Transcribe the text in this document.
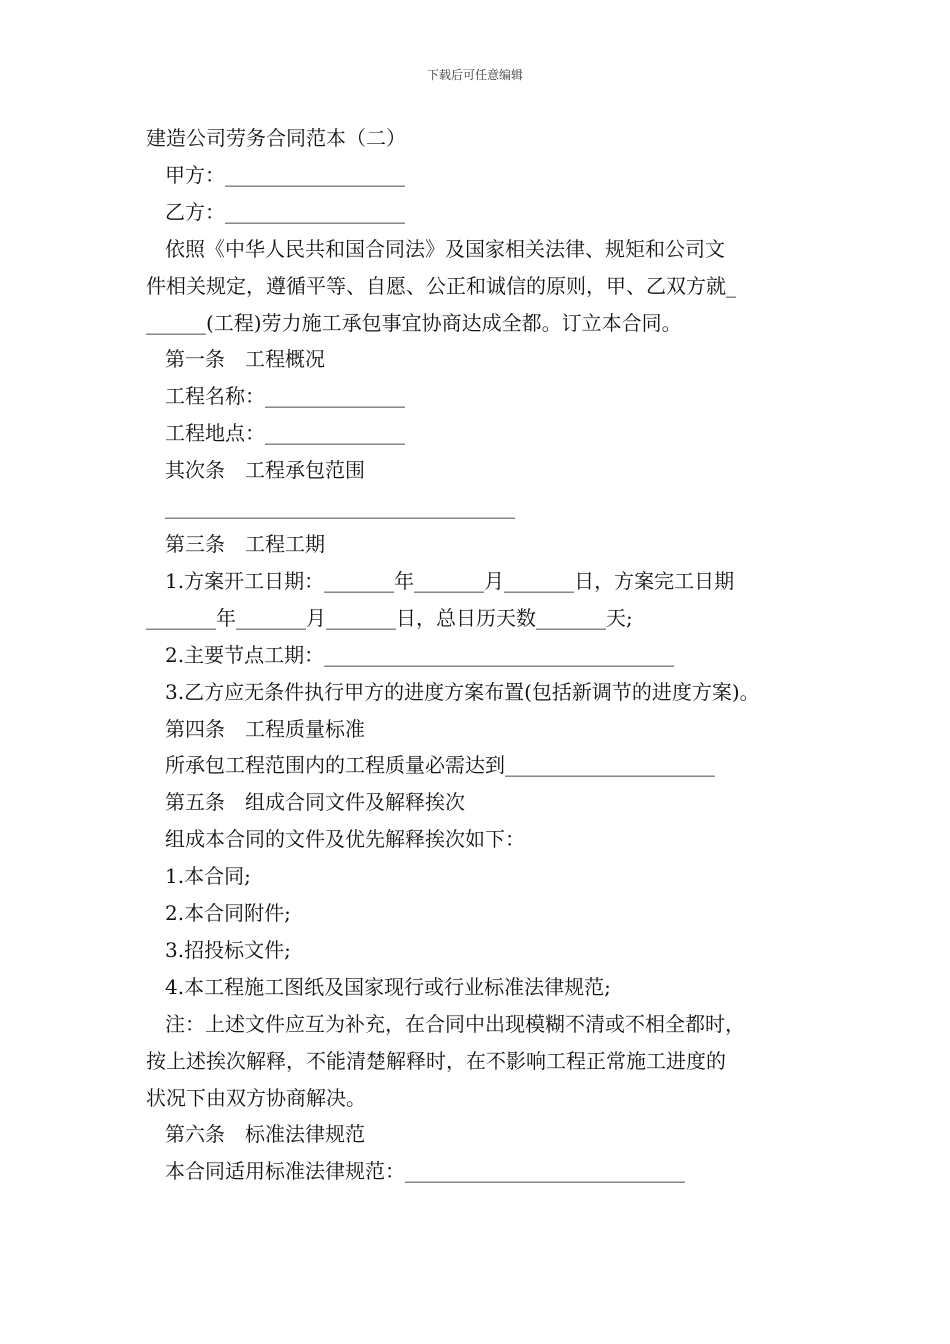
下载后可任意编辑
建造公司劳务合同范本（二）
甲方：__________________
乙方：__________________
依照《中华人民共和国合同法》及国家相关法律、规矩和公司文
件相关规定，遵循平等、自愿、公正和诚信的原则，甲、乙双方就_
______(工程)劳力施工承包事宜协商达成全都。订立本合同。
第一条　工程概况
工程名称：______________
工程地点：______________
其次条　工程承包范围
___________________________________
第三条　工程工期
1.方案开工日期：_______年_______月_______日，方案完工日期
_______年_______月_______日，总日历天数_______天;
2.主要节点工期：___________________________________
3.乙方应无条件执行甲方的进度方案布置(包括新调节的进度方案)。
第四条　工程质量标准
所承包工程范围内的工程质量必需达到_____________________
第五条　组成合同文件及解释挨次
组成本合同的文件及优先解释挨次如下：
1.本合同;
2.本合同附件;
3.招投标文件;
4.本工程施工图纸及国家现行或行业标准法律规范;
注：上述文件应互为补充，在合同中出现模糊不清或不相全都时，
按上述挨次解释，不能清楚解释时，在不影响工程正常施工进度的
状况下由双方协商解决。
第六条　标准法律规范
本合同适用标准法律规范：____________________________
